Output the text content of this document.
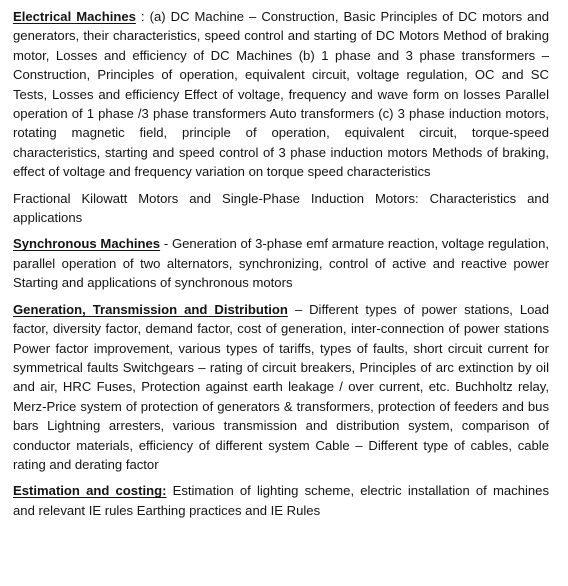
Electrical Machines : (a) DC Machine – Construction, Basic Principles of DC motors and generators, their characteristics, speed control and starting of DC Motors Method of braking motor, Losses and efficiency of DC Machines (b) 1 phase and 3 phase transformers – Construction, Principles of operation, equivalent circuit, voltage regulation, OC and SC Tests, Losses and efficiency Effect of voltage, frequency and wave form on losses Parallel operation of 1 phase /3 phase transformers Auto transformers (c) 3 phase induction motors, rotating magnetic field, principle of operation, equivalent circuit, torque-speed characteristics, starting and speed control of 3 phase induction motors Methods of braking, effect of voltage and frequency variation on torque speed characteristics

Fractional Kilowatt Motors and Single-Phase Induction Motors: Characteristics and applications

Synchronous Machines - Generation of 3-phase emf armature reaction, voltage regulation, parallel operation of two alternators, synchronizing, control of active and reactive power Starting and applications of synchronous motors

Generation, Transmission and Distribution – Different types of power stations, Load factor, diversity factor, demand factor, cost of generation, inter-connection of power stations Power factor improvement, various types of tariffs, types of faults, short circuit current for symmetrical faults Switchgears – rating of circuit breakers, Principles of arc extinction by oil and air, HRC Fuses, Protection against earth leakage / over current, etc. Buchholtz relay, Merz-Price system of protection of generators & transformers, protection of feeders and bus bars Lightning arresters, various transmission and distribution system, comparison of conductor materials, efficiency of different system Cable – Different type of cables, cable rating and derating factor

Estimation and costing: Estimation of lighting scheme, electric installation of machines and relevant IE rules Earthing practices and IE Rules
